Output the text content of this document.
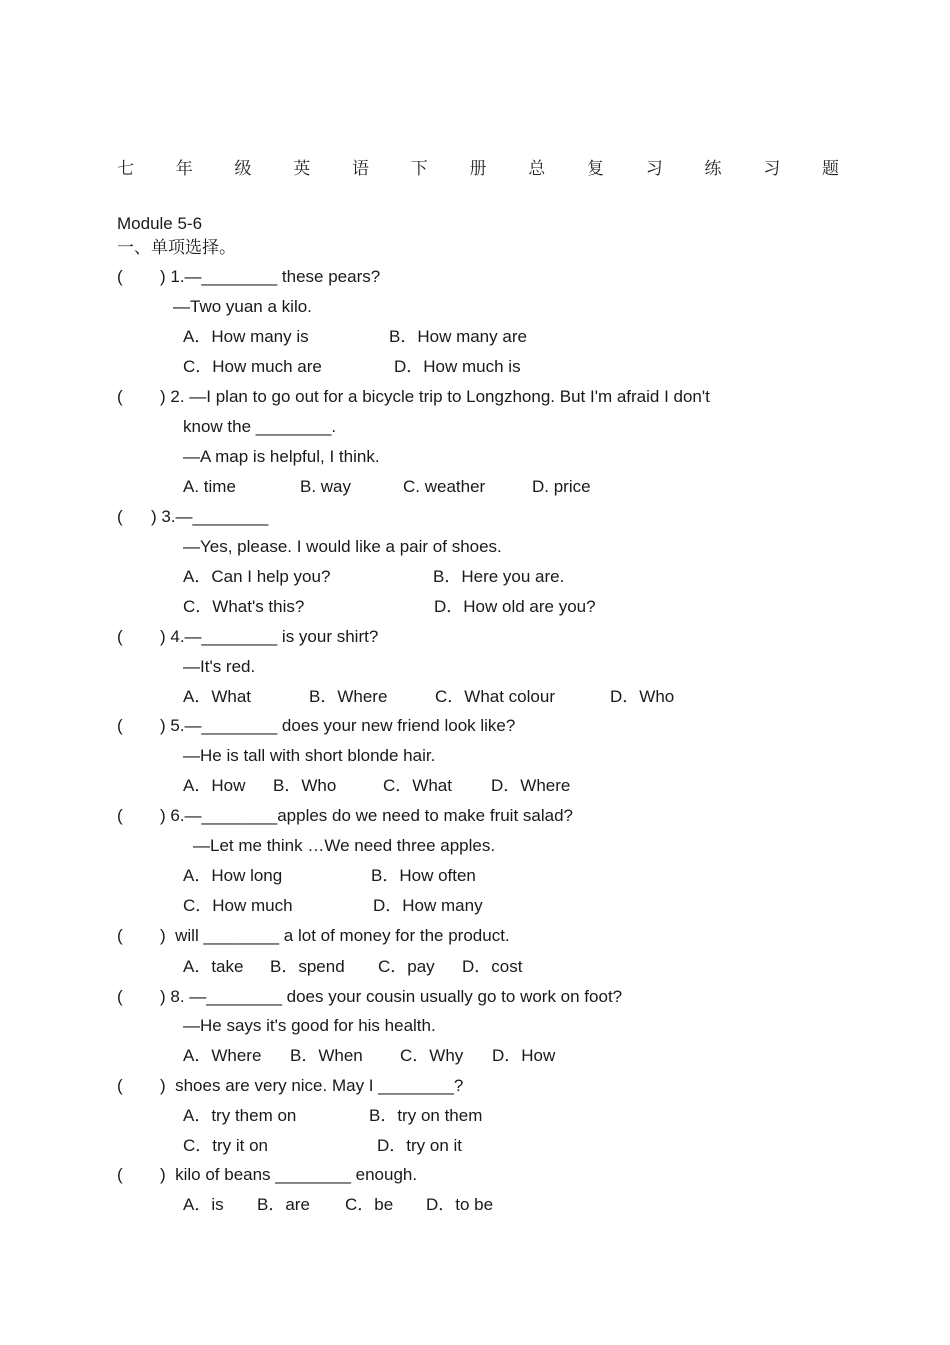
七 年 级 英 语 下 册 总 复 习 练 习 题
Module 5-6
一、单项选择。
( ) 1.—________ these pears?
—Two yuan a kilo.
A．How many is	B．How many are
C．How much are	D．How much is
( ) 2. —I plan to go out for a bicycle trip to Longzhong. But I'm afraid I don't
know the ________.
—A map is helpful, I think.
A. time	B. way	C. weather	D. price
( ) 3.—________
—Yes, please. I would like a pair of shoes.
A．Can I help you?	B．Here you are.
C．What's this?	D．How old are you?
( ) 4.—________ is your shirt?
—It's red.
A．What	B．Where	C．What colour	D．Who
( ) 5.—________ does your new friend look like?
—He is tall with short blonde hair.
A．How B．Who	C．What D．Where
( ) 6.—________apples do we need to make fruit salad?
—Let me think …We need three apples.
A．How long	B．How often
C．How much	D．How many
( )  will ________ a lot of money for the product.
A．take B．spend C．pay D．cost
( ) 8. —________ does your cousin usually go to work on foot?
—He says it's good for his health.
A．Where B．When C．Why D．How
( )  shoes are very nice. May I ________?
A．try them on	B．try on them
C．try it on	D．try on it
( )  kilo of beans ________ enough.
A．is B．are C．be D．to be
